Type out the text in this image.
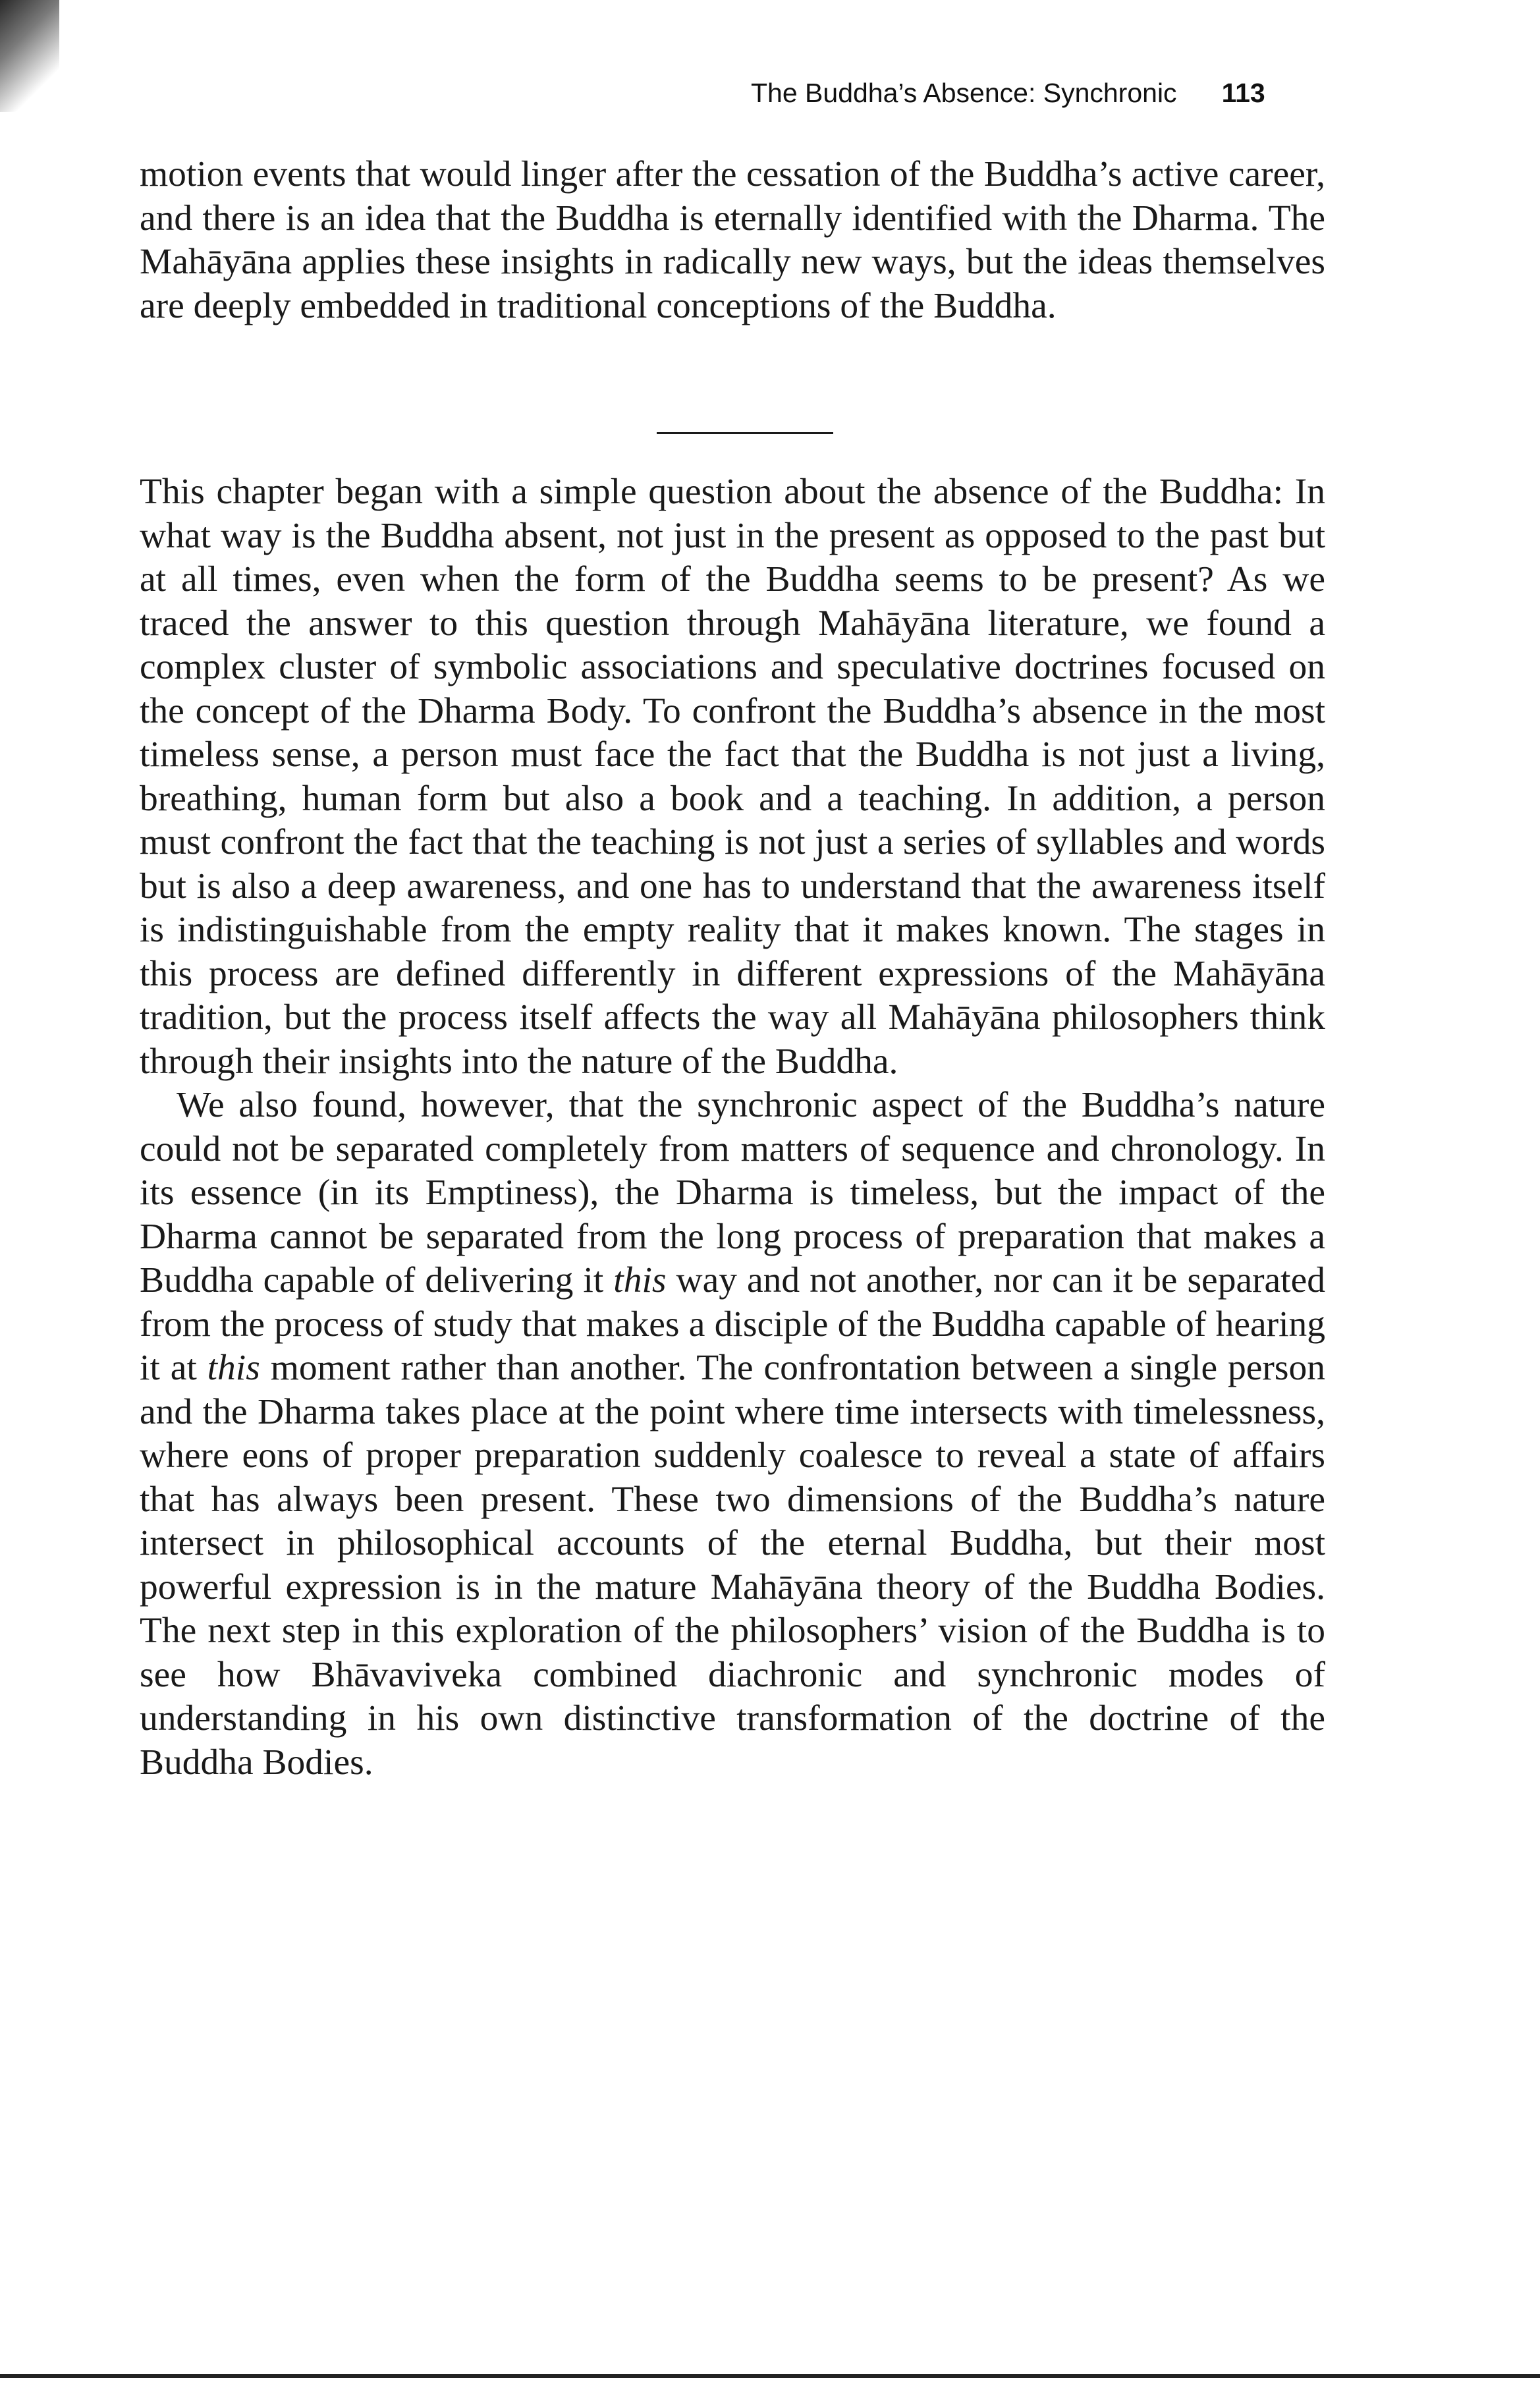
The Buddha’s Absence: Synchronic 113

motion events that would linger after the cessation of the Buddha’s active career, and there is an idea that the Buddha is eternally identified with the Dharma. The Mahāyāna applies these insights in radically new ways, but the ideas themselves are deeply embedded in traditional conceptions of the Buddha.

This chapter began with a simple question about the absence of the Buddha: In what way is the Buddha absent, not just in the present as opposed to the past but at all times, even when the form of the Buddha seems to be present? As we traced the answer to this question through Mahāyāna literature, we found a complex cluster of symbolic associations and speculative doctrines focused on the concept of the Dharma Body. To confront the Buddha’s absence in the most timeless sense, a person must face the fact that the Buddha is not just a living, breathing, human form but also a book and a teaching. In addition, a person must confront the fact that the teaching is not just a series of syllables and words but is also a deep awareness, and one has to understand that the awareness itself is indistinguishable from the empty reality that it makes known. The stages in this process are defined differently in different expressions of the Mahāyāna tradition, but the process itself affects the way all Mahāyāna philosophers think through their insights into the nature of the Buddha.

We also found, however, that the synchronic aspect of the Buddha’s nature could not be separated completely from matters of sequence and chronology. In its essence (in its Emptiness), the Dharma is timeless, but the impact of the Dharma cannot be separated from the long process of preparation that makes a Buddha capable of delivering it this way and not another, nor can it be separated from the process of study that makes a disciple of the Buddha capable of hearing it at this moment rather than another. The confrontation between a single person and the Dharma takes place at the point where time intersects with timelessness, where eons of proper preparation suddenly coalesce to reveal a state of affairs that has always been present. These two dimensions of the Buddha’s nature intersect in philosophical accounts of the eternal Buddha, but their most powerful expression is in the mature Mahāyāna theory of the Buddha Bodies. The next step in this exploration of the philosophers’ vision of the Buddha is to see how Bhāvaviveka combined diachronic and synchronic modes of understanding in his own distinctive transformation of the doctrine of the Buddha Bodies.
